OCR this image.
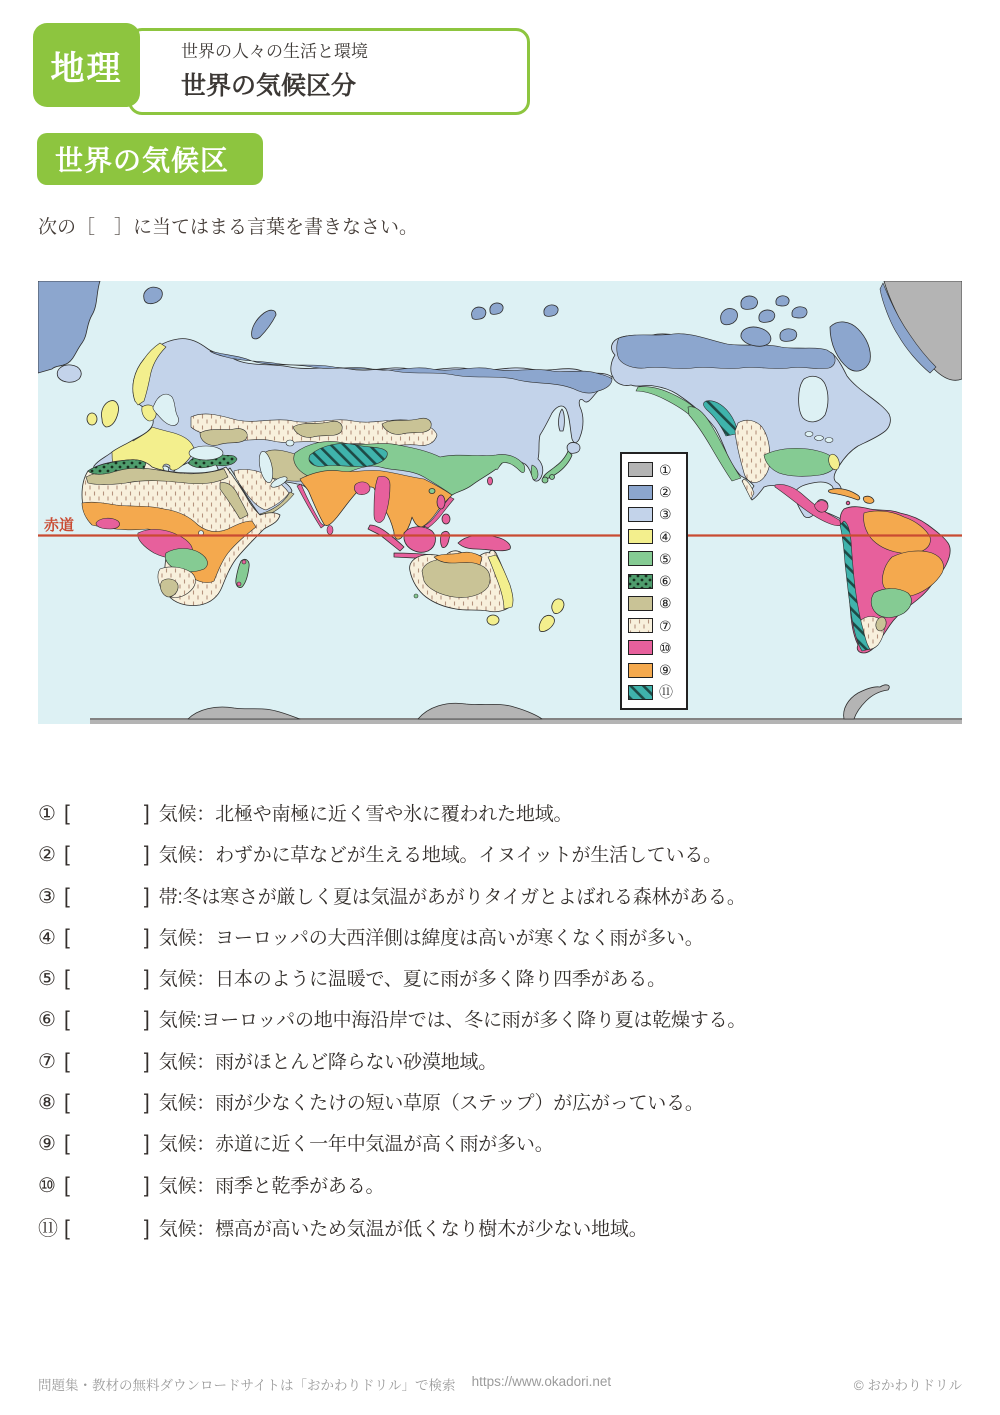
地理	世界の人々の生活と環境
世界の気候区分
世界の気候区
次の［　］に当てはまる言葉を書きなさい。
赤道
①
②
③
④
⑤
⑥
⑧
⑦
⑩
⑨
⑪
① [	] 気候：北極や南極に近く雪や氷に覆われた地域。
② [	] 気候：わずかに草などが生える地域。イヌイットが生活している。
③ [	] 帯:冬は寒さが厳しく夏は気温があがりタイガとよばれる森林がある。
④ [	] 気候：ヨーロッパの大西洋側は緯度は高いが寒くなく雨が多い。
⑤ [	] 気候：日本のように温暖で、夏に雨が多く降り四季がある。
⑥ [	] 気候:ヨーロッパの地中海沿岸では、冬に雨が多く降り夏は乾燥する。
⑦ [	] 気候：雨がほとんど降らない砂漠地域。
⑧ [	] 気候：雨が少なくたけの短い草原（ステップ）が広がっている。
⑨ [	] 気候：赤道に近く一年中気温が高く雨が多い。
⑩ [	] 気候：雨季と乾季がある。
⑪ [	] 気候：標高が高いため気温が低くなり樹木が少ない地域。
問題集・教材の無料ダウンロードサイトは「おかわりドリル」で検索 https://www.okadori.net	© おかわりドリル
